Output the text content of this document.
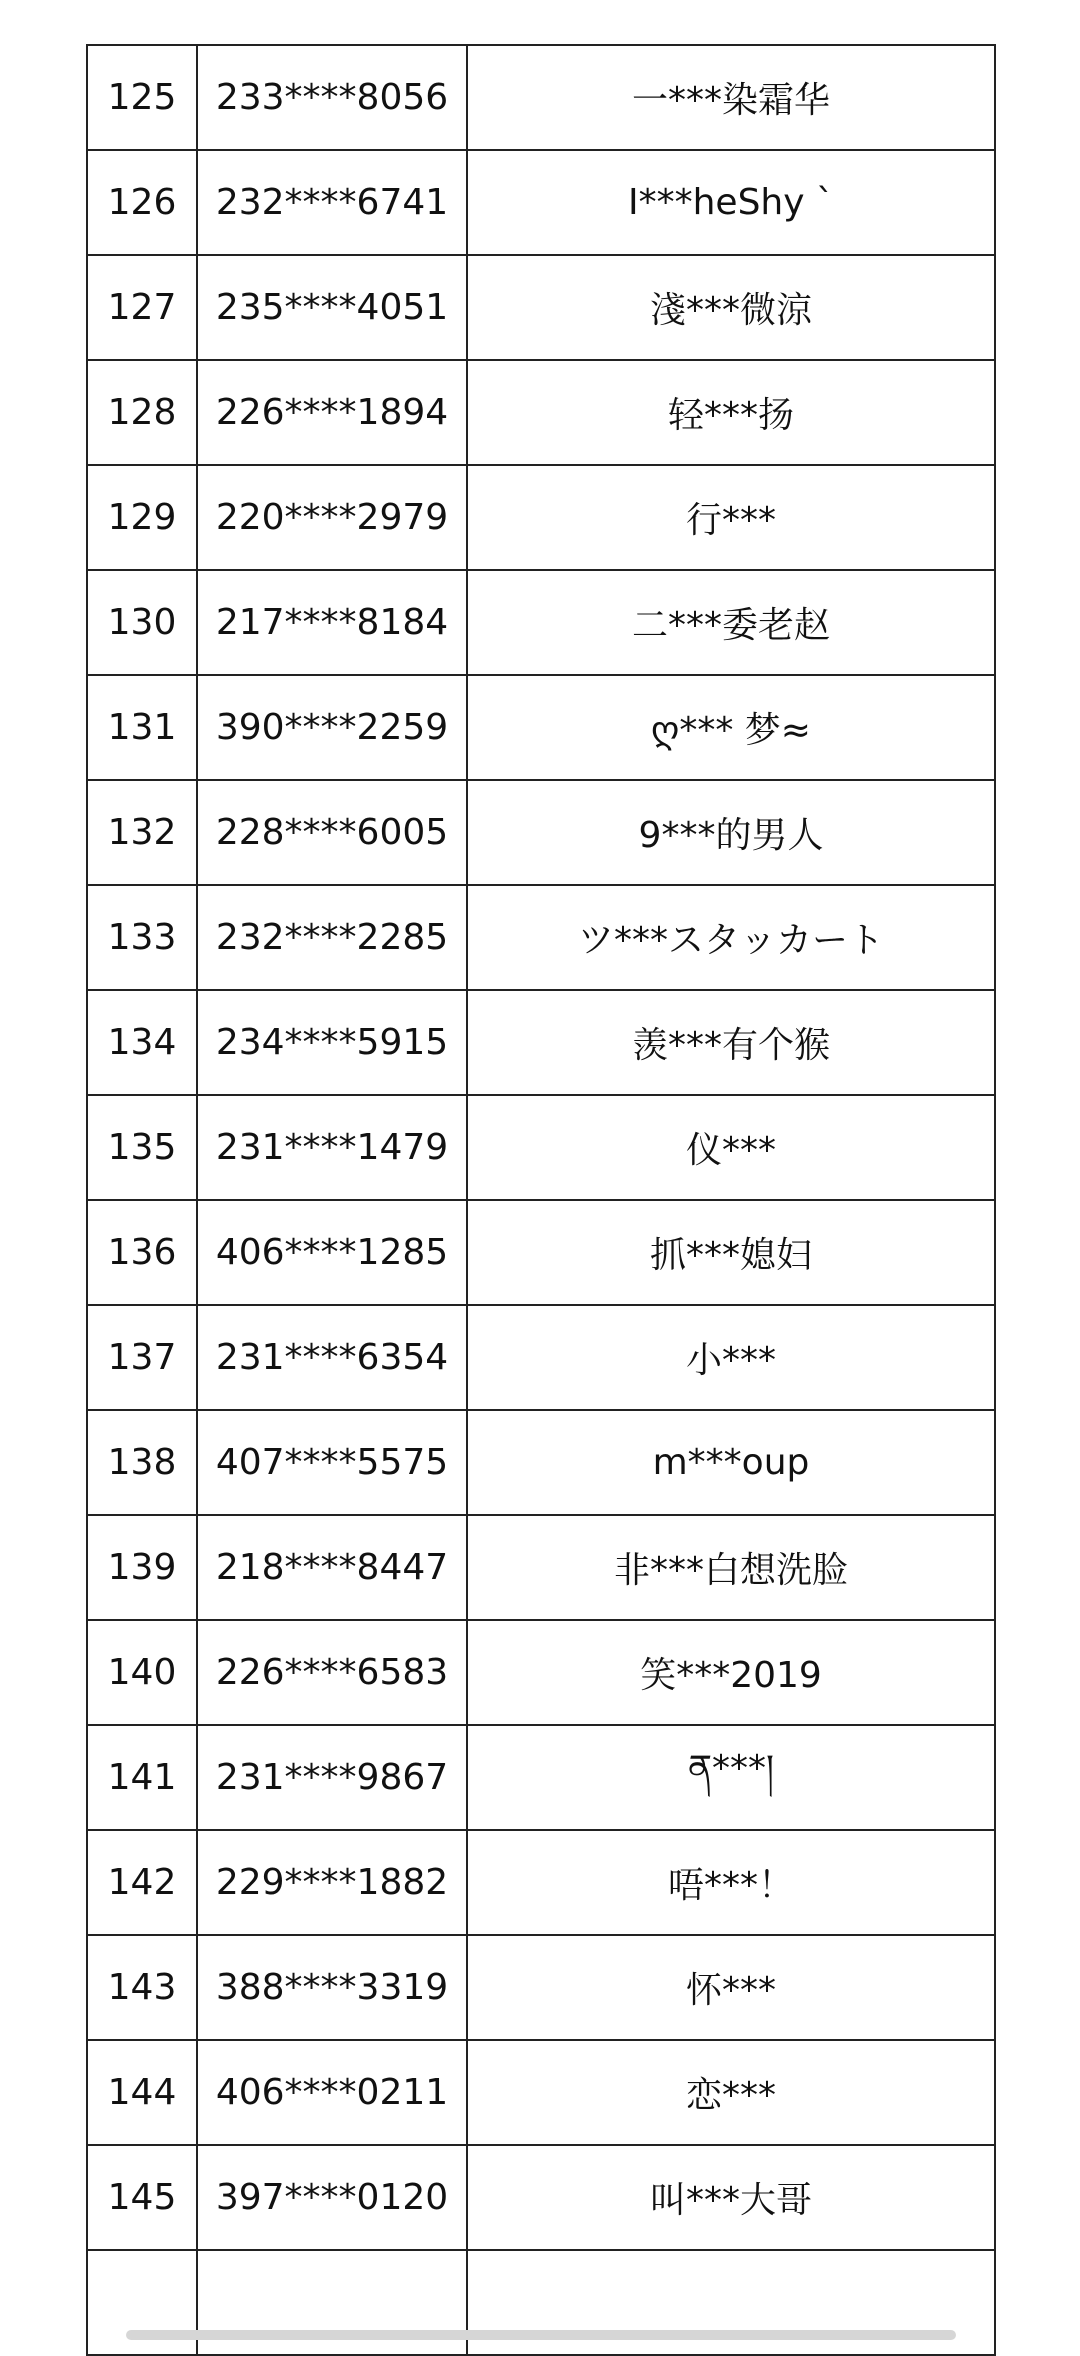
125	233****8056	一***染霜华
126	232****6741	I***heShy `
127	235****4051	淺***微涼
128	226****1894	轻***扬
129	220****2979	行***
130	217****8184	二***委老赵
131	390****2259	ღ*** 梦≈
132	228****6005	9***的男人
133	232****2285	ツ***スタッカート
134	234****5915	羡***有个猴
135	231****1479	仪***
136	406****1285	抓***媳妇
137	231****6354	小***
138	407****5575	m***oup
139	218****8447	非***白想洗脸
140	226****6583	笑***2019
141	231****9867	ན***།
142	229****1882	唔***！
143	388****3319	怀***
144	406****0211	恋***
145	397****0120	叫***大哥
